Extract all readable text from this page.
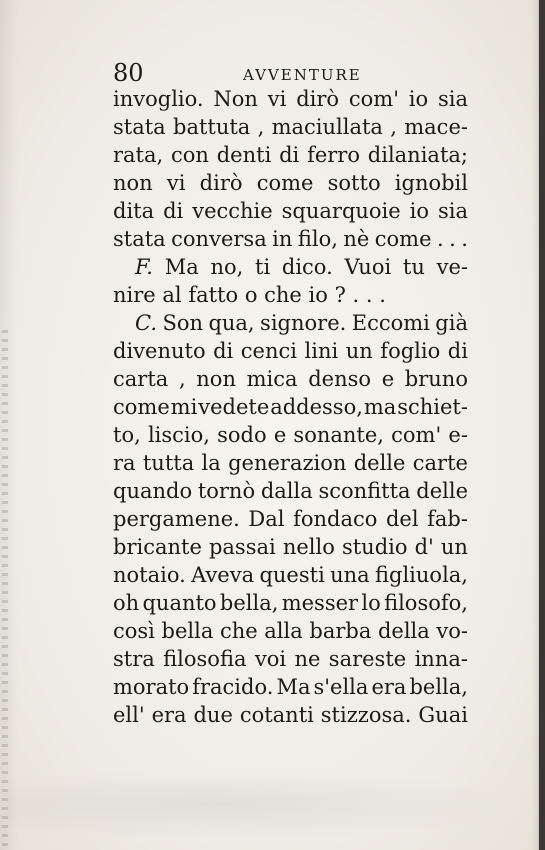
80	AVVENTURE
invoglio. Non vi dirò com' io sia
stata battuta , maciullata , mace-
rata, con denti di ferro dilaniata;
non vi dirò come sotto ignobil
dita di vecchie squarquoie io sia
stata conversa in filo, nè come . . .
F. Ma no, ti dico. Vuoi tu ve-
nire al fatto o che io ? . . .
C. Son qua, signore. Eccomi già
divenuto di cenci lini un foglio di
carta , non mica denso e bruno
come mi vedete addesso, ma schiet-
to, liscio, sodo e sonante, com' e-
ra tutta la generazion delle carte
quando tornò dalla sconfitta delle
pergamene. Dal fondaco del fab-
bricante passai nello studio d' un
notaio. Aveva questi una figliuola,
oh quanto bella, messer lo filosofo,
così bella che alla barba della vo-
stra filosofia voi ne sareste inna-
morato fracido. Ma s'ella era bella,
ell' era due cotanti stizzosa. Guai
